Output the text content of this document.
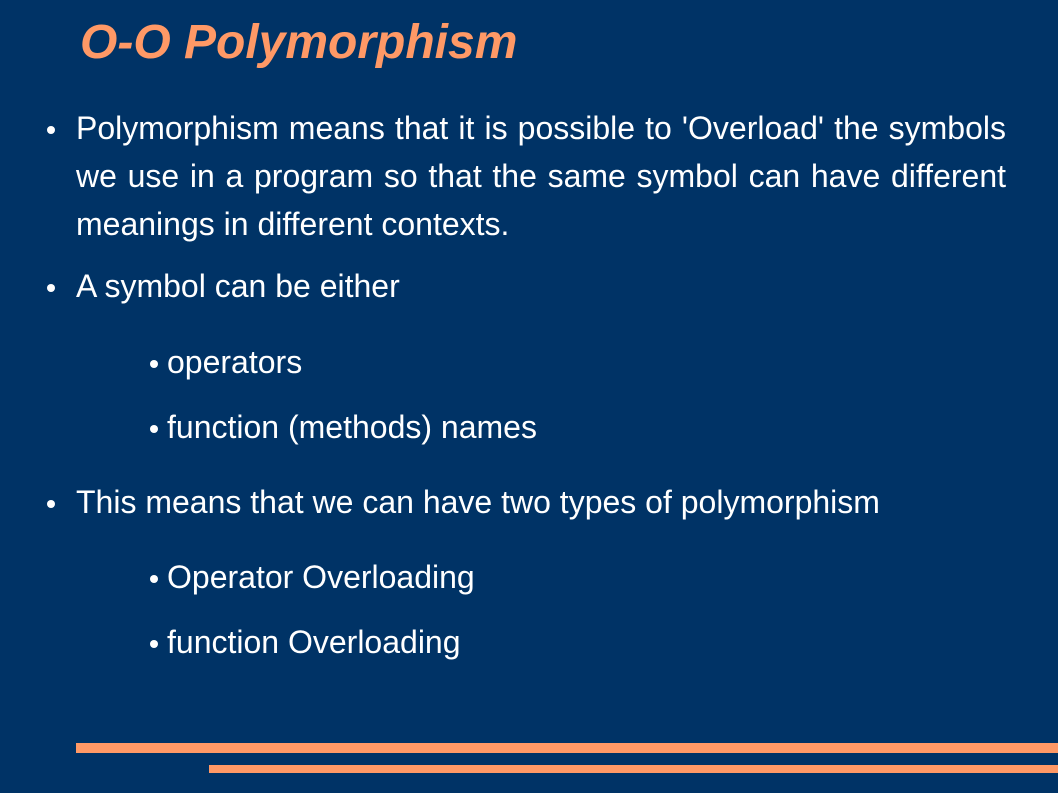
O-O Polymorphism
Polymorphism means that it is possible to 'Overload' the symbols we use in a program so that the same symbol can have different meanings in different contexts.
A symbol can be either
operators
function (methods) names
This means that we can have two types of polymorphism
Operator Overloading
function Overloading
